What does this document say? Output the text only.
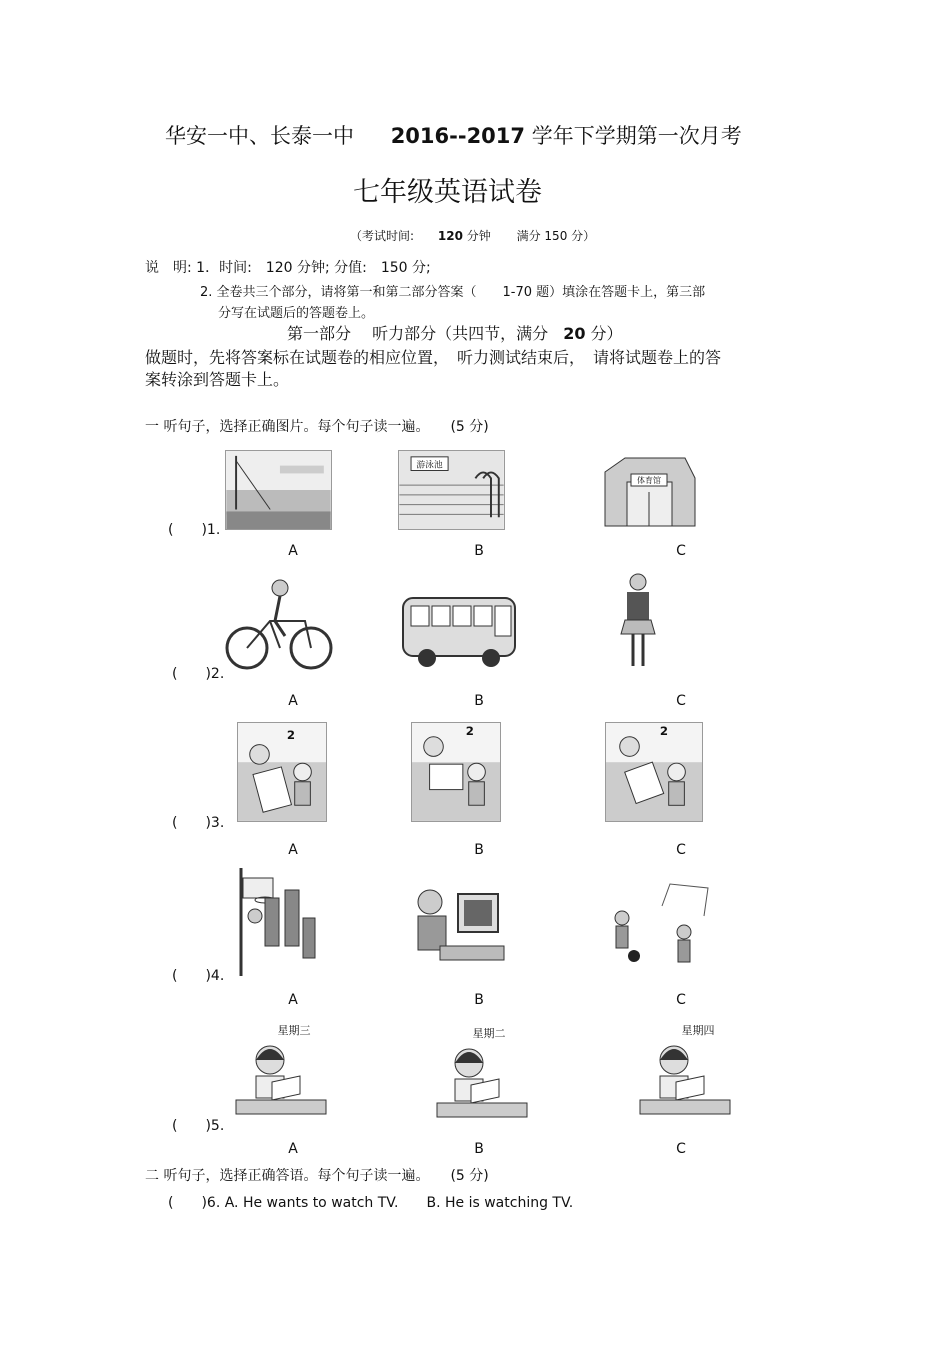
华安一中、长泰一中 2016--2017 学年下学期第一次月考
七年级英语试卷
（考试时间: 120 分钟 满分 150 分）
说　明: 1．时间:　120 分钟; 分值:　150 分;
2. 全卷共三个部分，请将第一和第二部分答案（　　1-70 题）填涂在答题卡上，第三部
分写在试题后的答题卷上。
第一部分　 听力部分（共四节，满分 20 分）
做题时，先将答案标在试题卷的相应位置，　听力测试结束后，　请将试题卷上的答
案转涂到答题卡上。
一 听句子，选择正确图片。每个句子读一遍。　　(5 分)
(　　)1.
游泳池
体育馆
A	B	C
(　　)2.
A	B	C
(　　)3.
2	2	2
A	B	C
(　　)4.
A	B	C
(　　)5.
星期三	星期二	星期四
A	B	C
二 听句子，选择正确答语。每个句子读一遍。　　(5 分)
(　　)6. A. He wants to watch TV.　　B. He is watching TV.
